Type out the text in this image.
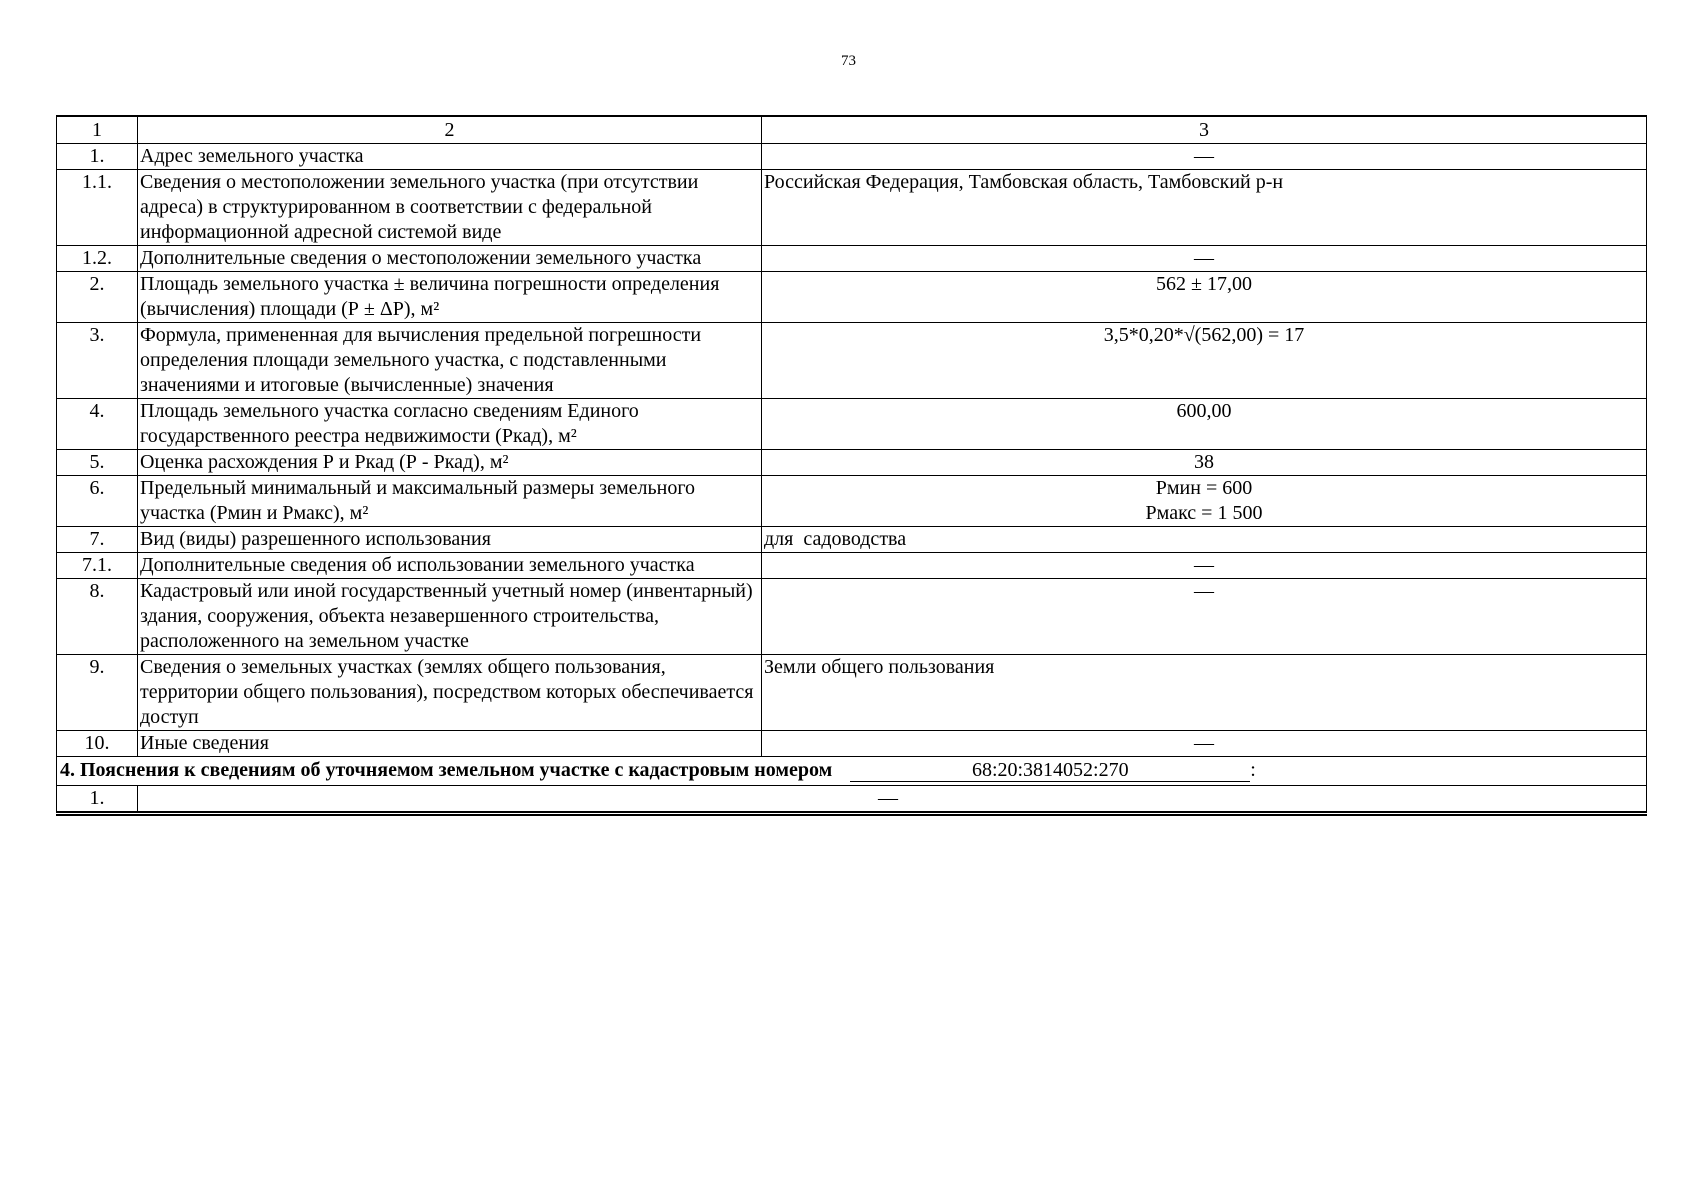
73
1	2	3
1.	Адрес земельного участка	—
1.1.	Сведения о местоположении земельного участка (при отсутствии адреса) в структурированном в соответствии с федеральной информационной адресной системой виде	Российская Федерация, Тамбовская область, Тамбовский р-н
1.2.	Дополнительные сведения о местоположении земельного участка	—
2.	Площадь земельного участка ± величина погрешности определения (вычисления) площади (Р ± ΔР), м²	562 ± 17,00
3.	Формула, примененная для вычисления предельной погрешности определения площади земельного участка, с подставленными значениями и итоговые (вычисленные) значения	3,5*0,20*√(562,00) = 17
4.	Площадь земельного участка согласно сведениям Единого государственного реестра недвижимости (Ркад), м²	600,00
5.	Оценка расхождения Р и Ркад (Р - Ркад), м²	38
6.	Предельный минимальный и максимальный размеры земельного участка (Рмин и Рмакс), м²	Рмин = 600
Рмакс = 1 500

7.	Вид (виды) разрешенного использования	для  садоводства
7.1.	Дополнительные сведения об использовании земельного участка	—
8.	Кадастровый или иной государственный учетный номер (инвентарный) здания, сооружения, объекта незавершенного строительства, расположенного на земельном участке	—
9.	Сведения о земельных участках (землях общего пользования, территории общего пользования), посредством которых обеспечивается доступ	Земли общего пользования
10.	Иные сведения	—
4. Пояснения к сведениям об уточняемом земельном участке с кадастровым номером 68:20:3814052:270 :		
1.	—	
